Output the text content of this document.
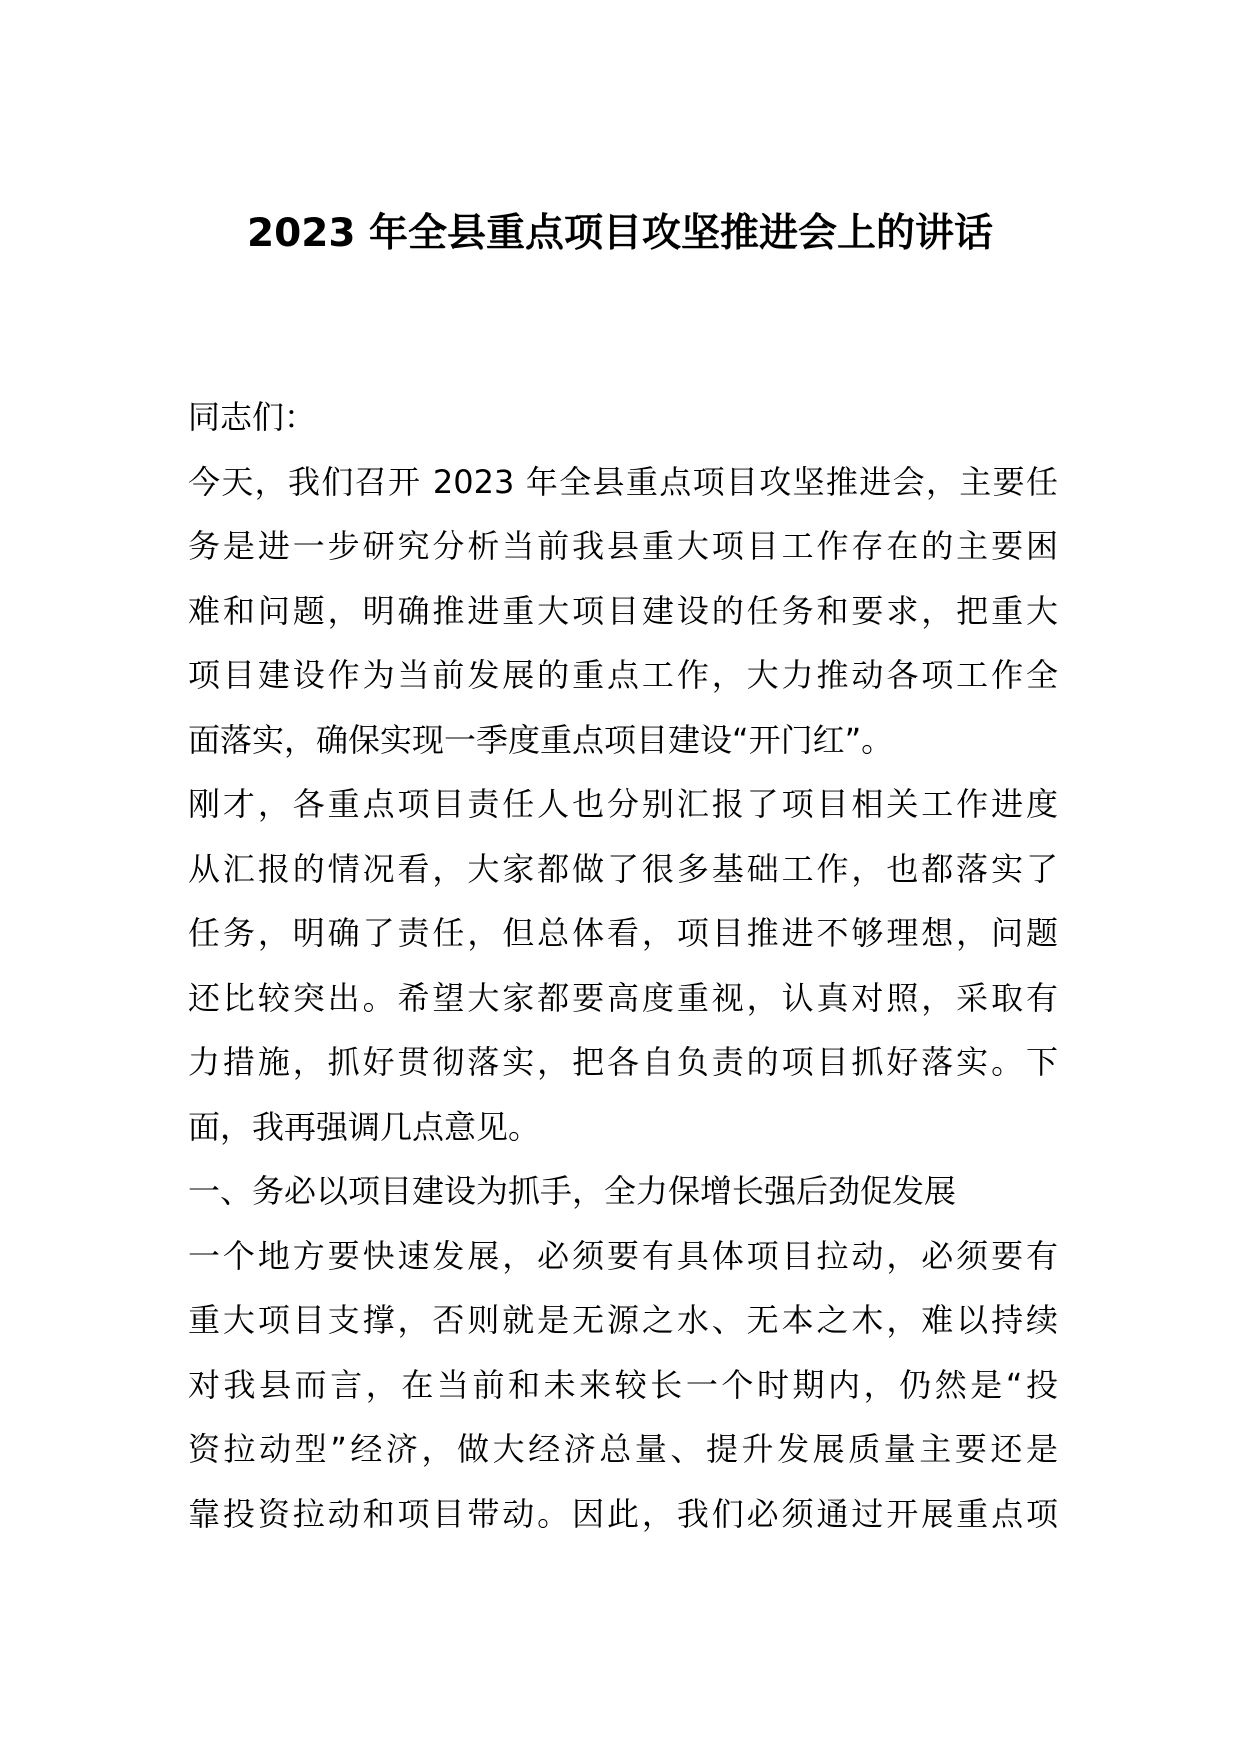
2023 年全县重点项目攻坚推进会上的讲话
同志们：
今天，我们召开 2023 年全县重点项目攻坚推进会，主要任
务是进一步研究分析当前我县重大项目工作存在的主要困
难和问题，明确推进重大项目建设的任务和要求，把重大
项目建设作为当前发展的重点工作，大力推动各项工作全
面落实，确保实现一季度重点项目建设“开门红”。
刚才，各重点项目责任人也分别汇报了项目相关工作进度
从汇报的情况看，大家都做了很多基础工作，也都落实了
任务，明确了责任，但总体看，项目推进不够理想，问题
还比较突出。希望大家都要高度重视，认真对照，采取有
力措施，抓好贯彻落实，把各自负责的项目抓好落实。下
面，我再强调几点意见。
一、务必以项目建设为抓手，全力保增长强后劲促发展
一个地方要快速发展，必须要有具体项目拉动，必须要有
重大项目支撑，否则就是无源之水、无本之木，难以持续
对我县而言，在当前和未来较长一个时期内，仍然是“投
资拉动型”经济，做大经济总量、提升发展质量主要还是
靠投资拉动和项目带动。因此，我们必须通过开展重点项
